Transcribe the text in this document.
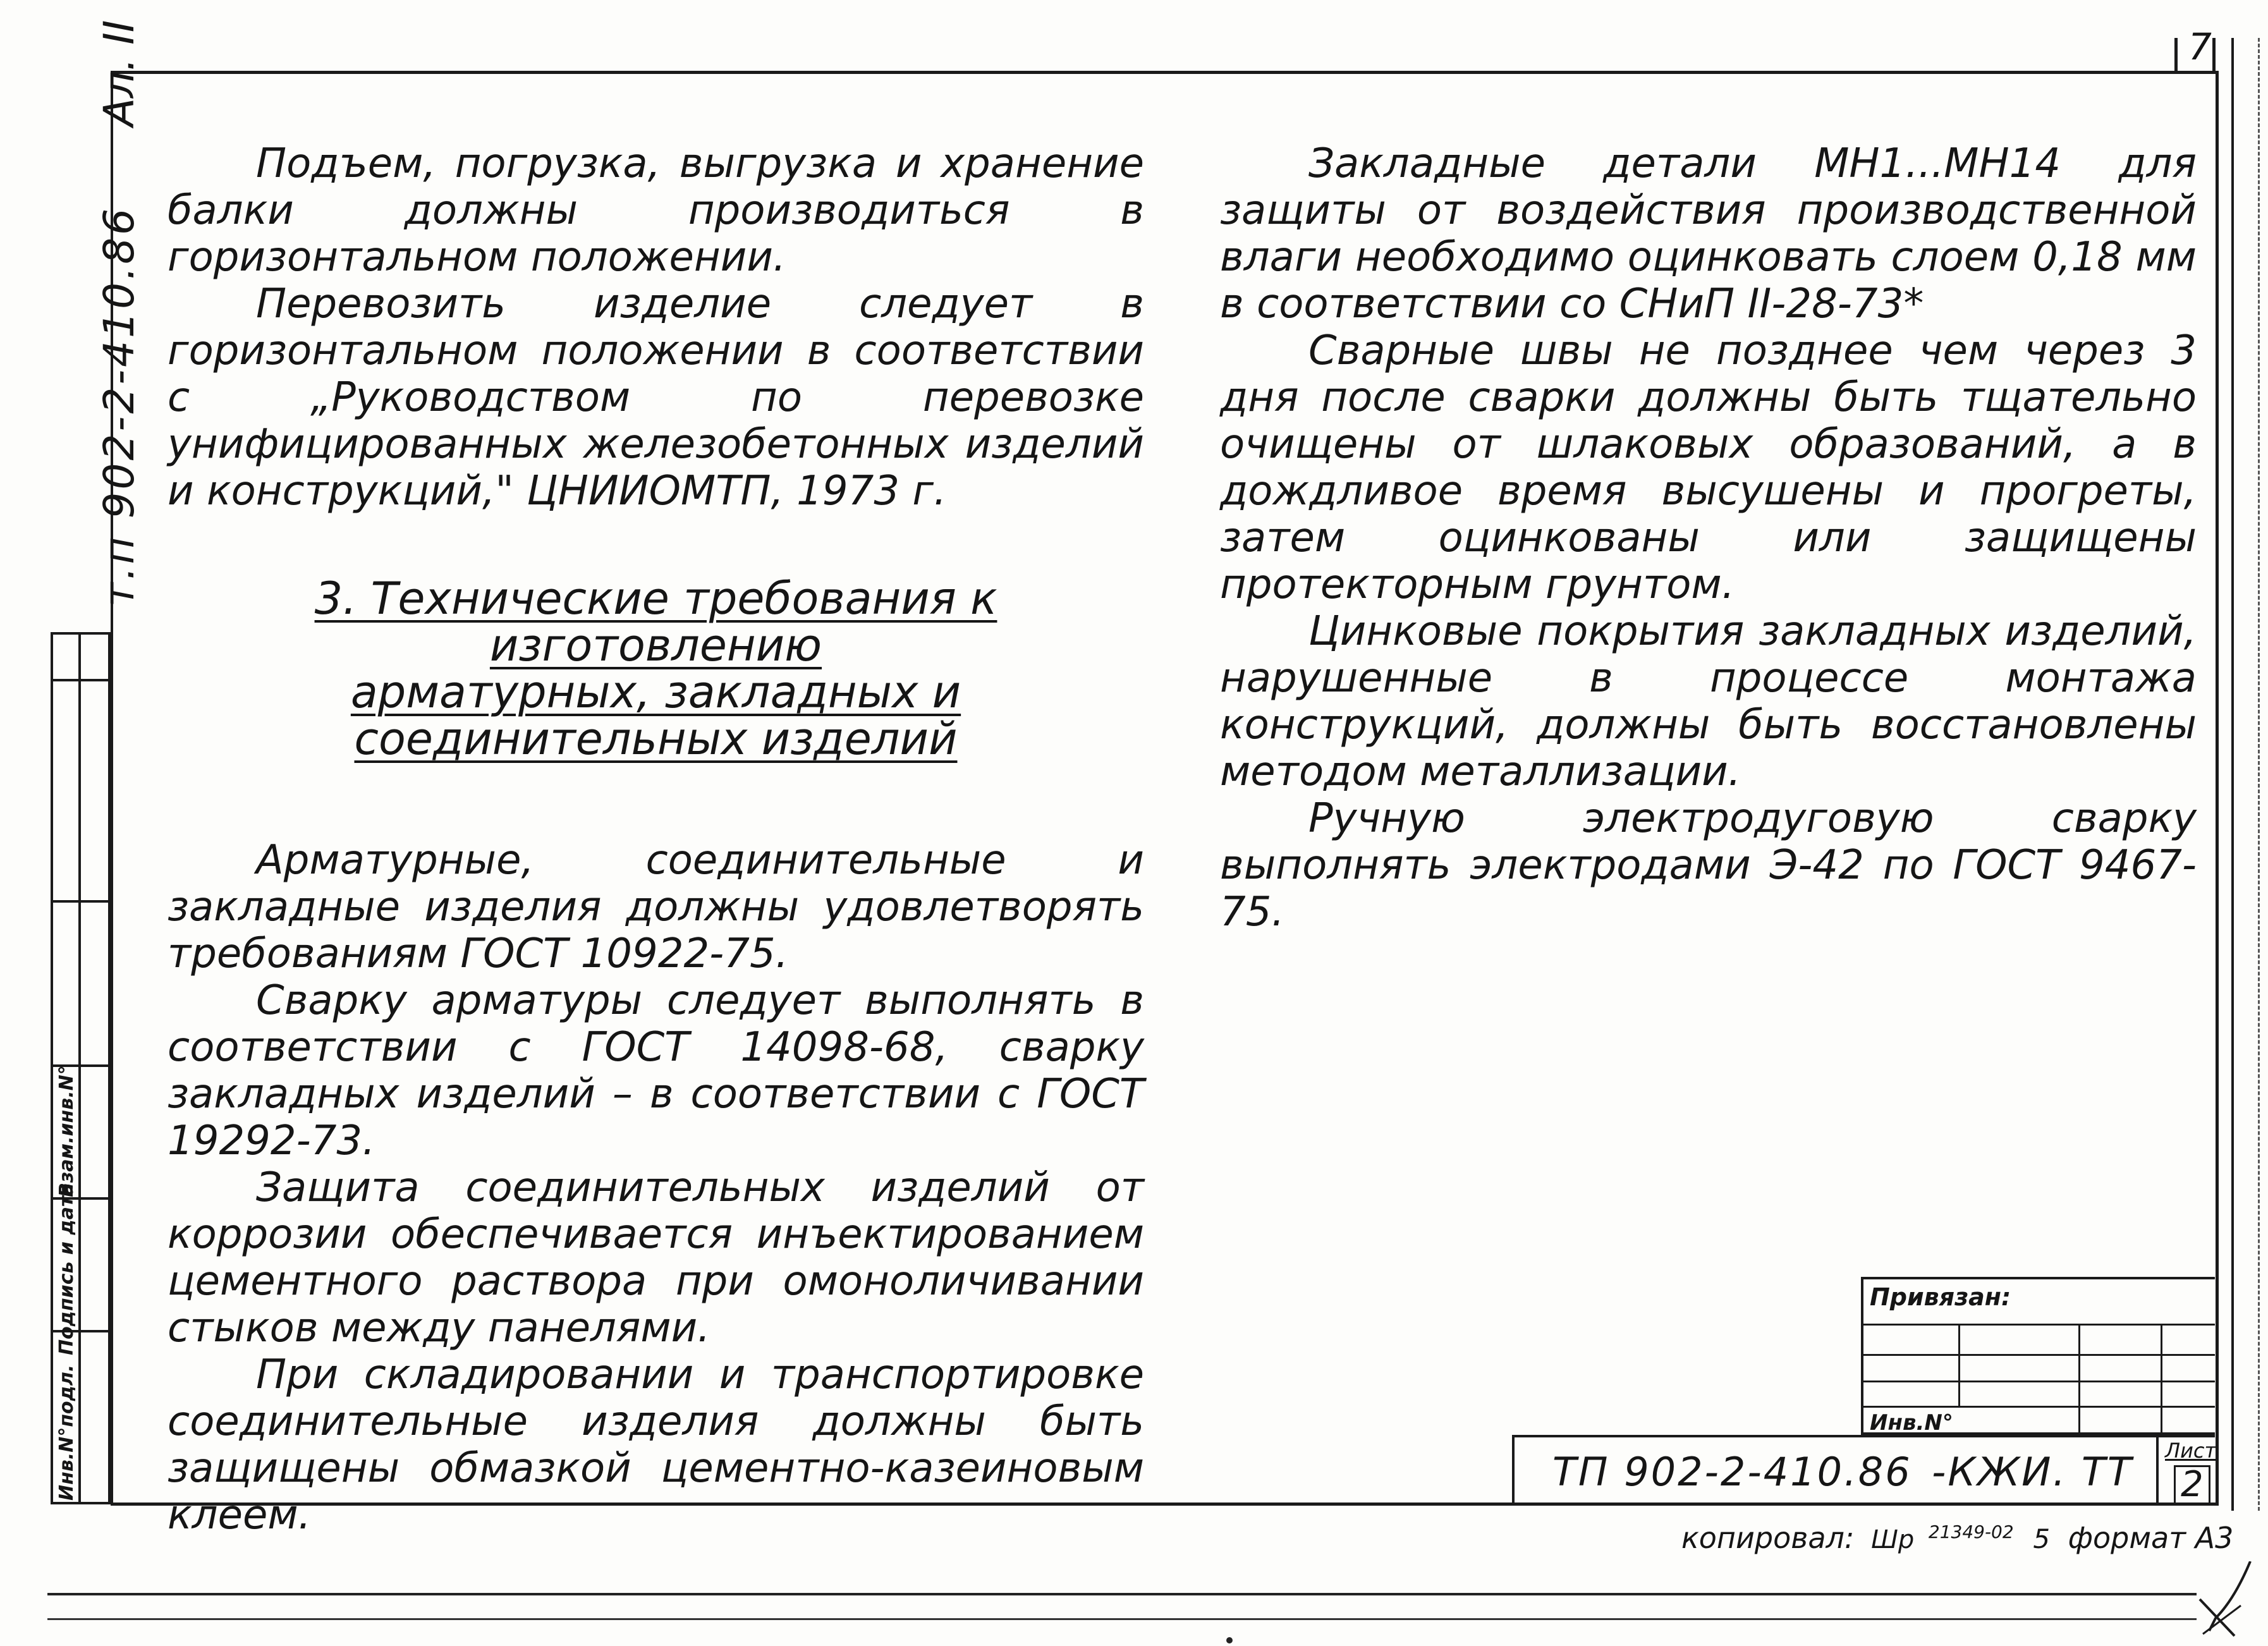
7
Ал. II
т.п 902-2-410.86
Инв.N°подл.
Подпись и дата
Взам.инв.N°

Подъем, погрузка, выгрузка и хранение балки должны производиться в горизонтальном положении.

Перевозить изделие следует в горизонтальном положении в соответствии с „Руководством по перевозке унифицированных железобетонных изделий и конструкций," ЦНИИОМТП, 1973 г.

3. Технические требования к изготовлению
арматурных, закладных и
соединительных изделий

Арматурные, соединительные и закладные изделия должны удовлетворять требованиям ГОСТ 10922-75.

Сварку арматуры следует выполнять в соответствии с ГОСТ 14098-68, сварку закладных изделий – в соответствии с ГОСТ 19292-73.

Защита соединительных изделий от коррозии обеспечивается инъектированием цементного раствора при омоноличивании стыков между панелями.

При складировании и транспортировке соединительные изделия должны быть защищены обмазкой цементно-казеиновым клеем.

Закладные детали МН1...МН14 для защиты от воздействия производственной влаги необходимо оцинковать слоем 0,18 мм в соответствии со СНиП II-28-73*

Сварные швы не позднее чем через 3 дня после сварки должны быть тщательно очищены от шлаковых образований, а в дождливое время высушены и прогреты, затем оцинкованы или защищены протекторным грунтом.

Цинковые покрытия закладных изделий, нарушенные в процессе монтажа конструкций, должны быть восстановлены методом металлизации.

Ручную электродуговую сварку выполнять электродами Э-42 по ГОСТ 9467-75.

Привязан:
Инв.N°
ТП 902-2-410.86 -КЖИ. ТТ Лист
2
копировал: Шр $^{21349-02}$ 5 формат А3
